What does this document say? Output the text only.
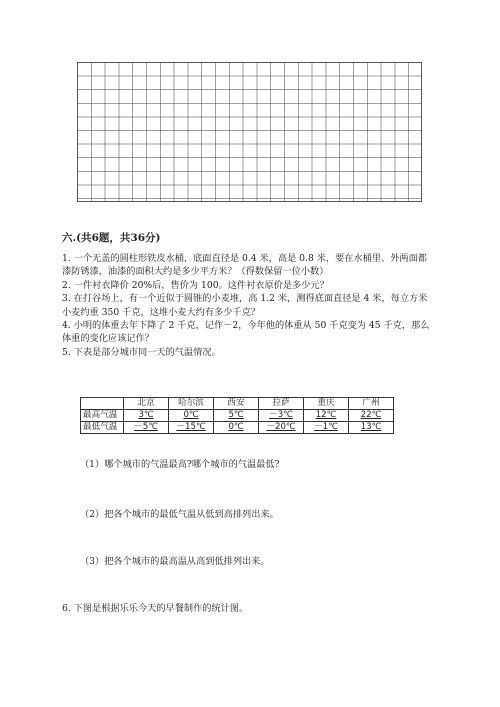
六.(共6题，共36分)

1. 一个无盖的圆柱形铁皮水桶，底面直径是 0.4 米，高是 0.8 米，要在水桶里、外两面都漆防锈漆，油漆的面积大约是多少平方米？（得数保留一位小数）

2. 一件衬衣降价 20%后，售价为 100。这件衬衣原价是多少元？

3. 在打谷场上，有一个近似于圆锥的小麦堆，高 1.2 米，测得底面直径是 4 米，每立方米小麦约重 350 千克，这堆小麦大约有多少千克？

4. 小明的体重去年下降了 2 千克，记作－2，今年他的体重从 50 千克变为 45 千克，那么体重的变化应该记作？

5. 下表是部分城市同一天的气温情况。

	北京	哈尔滨	西安	拉萨	重庆	广州
最高气温	3℃	0℃	5℃	－3℃	12℃	22℃
最低气温	－5℃	－15℃	0℃	－20℃	－1℃	13℃
（1）哪个城市的气温最高?哪个城市的气温最低?
（2）把各个城市的最低气温从低到高排列出来。
（3）把各个城市的最高温从高到低排列出来。
6. 下图是根据乐乐今天的早餐制作的统计图。
